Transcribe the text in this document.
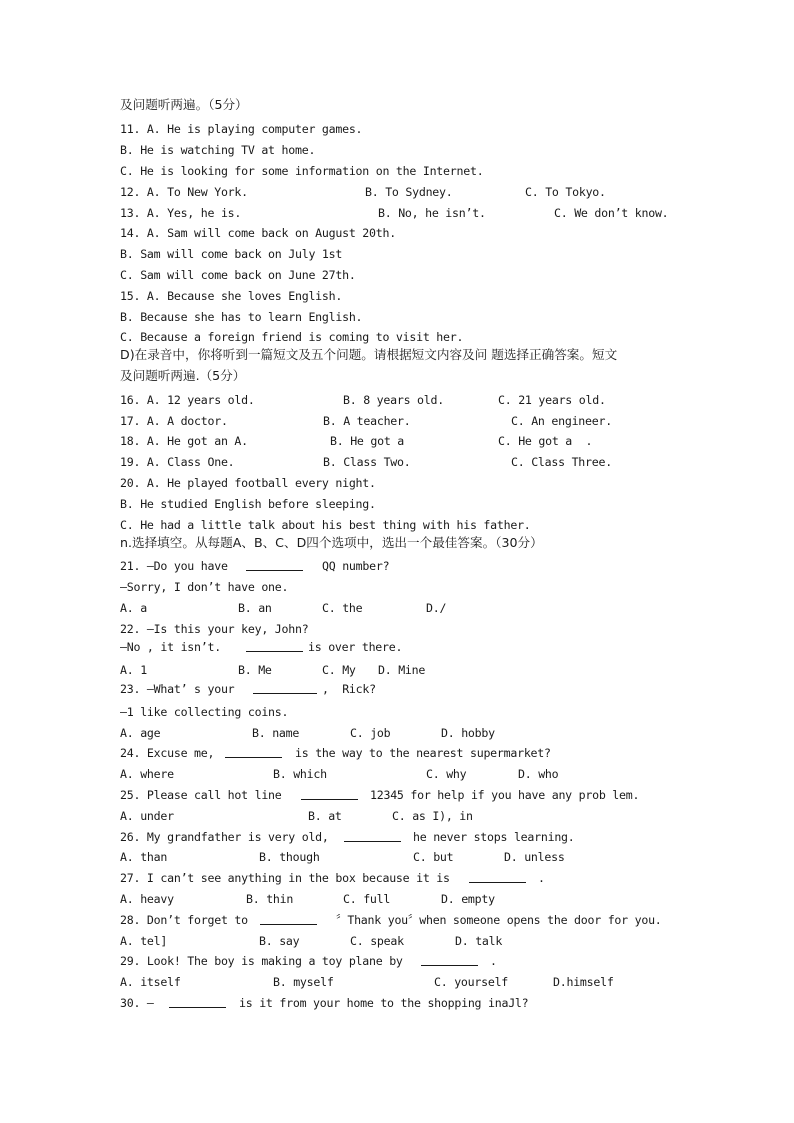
及问题听两遍。（5分）
11. A. He is playing computer games.
B. He is watching TV at home.
C. He is looking for some information on the Internet.

12. A. To New York.

	B. To Sydney.

	C. To Tokyo.

13. A. Yes, he is.

	B. No, he isn’t.

	C. We don’t know.

14. A. Sam will come back on August 20th.
B. Sam will come back on July 1st
C. Sam will come back on June 27th.
15. A. Because she loves English.
B. Because she has to learn English.
C. Because a foreign friend is coming to visit her.
D)在录音中，你将听到一篇短文及五个问题。请根据短文内容及问 题选择正确答案。短文
及问题听两遍.（5分）

16. A. 12 years old.

	B. 8 years old.

	C. 21 years old.

17. A. A doctor.

	B. A teacher.

	C. An engineer.

18. A. He got an A.

	B. He got a

	C. He got a  .

19. A. Class One.

	B. Class Two.

	C. Class Three.

20. A. He played football every night.
B. He studied English before sleeping.
C. He had a little talk about his best thing with his father.
n.选择填空。从每题A、B、C、D四个选项中，选出一个最佳答案。（30分）

21. —Do you have

	QQ number?

—Sorry, I don’t have one.

A. a

	B. an

	C. the

	D./

22. —Is this your key, John?

—No , it isn’t.

	is over there.

A. 1

	B. Me

	C. My

D. Mine

23. —What’ s your

	,  Rick?

—1 like collecting coins.

A. age

	B. name

	C. job

	D. hobby

24. Excuse me,

	is the way to the nearest supermarket?

A. where

	B. which

	C. why

	D. who

25. Please call hot line

	12345 for help if you have any prob lem.

A. under

	B. at

	C. as I), in

26. My grandfather is very old,

	he never stops learning.

A. than

	B. though

	C. but

	D. unless

27. I can’t see anything in the box because it is

	.

A. heavy

	B. thin

	C. full

	D. empty

28. Don’t forget to

	〞Thank you〞when someone opens the door for you.

A. tel]

	B. say

	C. speak

	D. talk

29. Look! The boy is making a toy plane by

	.

A. itself

	B. myself

	C. yourself

	D.himself

30. —

	is it from your home to the shopping inaJl?
